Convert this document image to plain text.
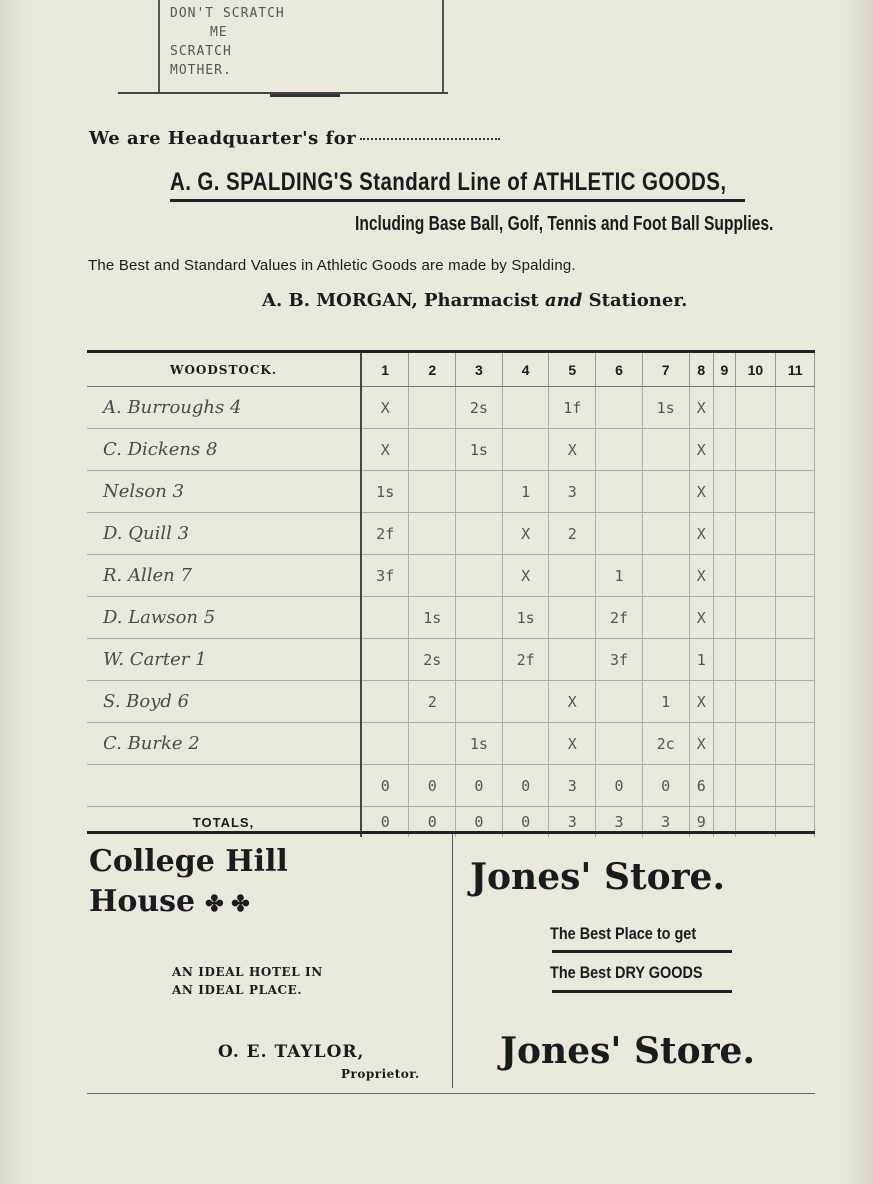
DON'T SCRATCH
ME
SCRATCH
MOTHER.
We are Headquarter's for
A. G. SPALDING'S Standard Line of ATHLETIC GOODS,
Including Base Ball, Golf, Tennis and Foot Ball Supplies.
The Best and Standard Values in Athletic Goods are made by Spalding.
A. B. MORGAN, Pharmacist and Stationer.
WOODSTOCK.	1	2	3	4	5	6	7	8	9	10	11
A. Burroughs 4	X		2s		1f		1s	X			
C. Dickens 8	X		1s		X			X			
Nelson 3	1s			1	3			X			
D. Quill 3	2f			X	2			X			
R. Allen 7	3f			X		1		X			
D. Lawson 5		1s		1s		2f		X			
W. Carter 1		2s		2f		3f		1			
S. Boyd 6		2			X		1	X			
C. Burke 2			1s		X		2c	X			
	0	0	0	0	3	0	0	6			
TOTALS,	0	0	0	0	3	3	3	9			
College Hill
House ✤ ✤
AN IDEAL HOTEL IN
AN IDEAL PLACE.
O. E. TAYLOR,
Proprietor.
Jones' Store.
The Best Place to get
The Best DRY GOODS
Jones' Store.
